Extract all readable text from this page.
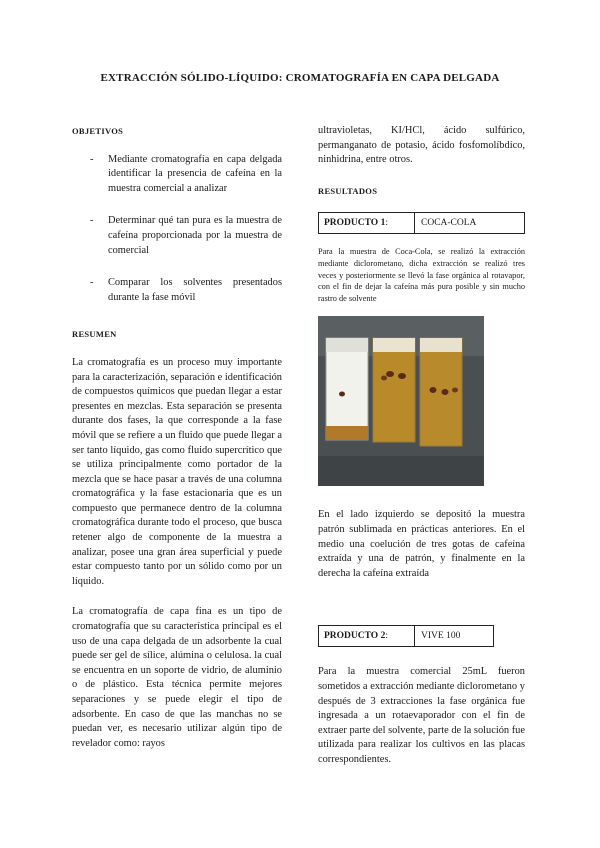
EXTRACCIÓN SÓLIDO-LÍQUIDO: CROMATOGRAFÍA EN CAPA DELGADA
OBJETIVOS
- Mediante cromatografía en capa delgada identificar la presencia de cafeína en la muestra comercial a analizar
- Determinar qué tan pura es la muestra de cafeína proporcionada por la muestra de comercial
- Comparar los solventes presentados durante la fase móvil
RESUMEN

La cromatografía es un proceso muy importante para la caracterización, separación e identificación de compuestos químicos que puedan llegar a estar presentes en mezclas. Esta separación se presenta durante dos fases, la que corresponde a la fase móvil que se refiere a un fluido que puede llegar a ser tanto líquido, gas como fluido supercrítico que se utiliza principalmente como portador de la mezcla que se hace pasar a través de una columna cromatográfica y la fase estacionaria que es un compuesto que permanece dentro de la columna cromatográfica durante todo el proceso, que busca retener algo de componente de la muestra a analizar, posee una gran área superficial y puede estar compuesto tanto por un sólido como por un líquido.

La cromatografía de capa fina es un tipo de cromatografía que su característica principal es el uso de una capa delgada de un adsorbente la cual puede ser gel de sílice, alúmina o celulosa. la cual se encuentra en un soporte de vidrio, de aluminio o de plástico. Esta técnica permite mejores separaciones y se puede elegir el tipo de adsorbente. En caso de que las manchas no se puedan ver, es necesario utilizar algún tipo de revelador como: rayos

ultravioletas, KI/HCl, ácido sulfúrico, permanganato de potasio, ácido fosfomolíbdico, ninhidrina, entre otros.

RESULTADOS
PRODUCTO 1 :	COCA-COLA

Para la muestra de Coca-Cola, se realizó la extracción mediante diclorometano, dicha extracción se realizó tres veces y posteriormente se llevó la fase orgánica al rotavapor, con el fin de dejar la cafeína más pura posible y sin mucho rastro de solvente

En el lado izquierdo se depositó la muestra patrón sublimada en prácticas anteriores. En el medio una coelución de tres gotas de cafeína extraída y una de patrón, y finalmente en la derecha la cafeína extraída

PRODUCTO 2 :	VIVE 100

Para la muestra comercial 25mL fueron sometidos a extracción mediante diclorometano y después de 3 extracciones la fase orgánica fue ingresada a un rotaevaporador con el fin de extraer parte del solvente, parte de la solución fue utilizada para realizar los cultivos en las placas correspondientes.
